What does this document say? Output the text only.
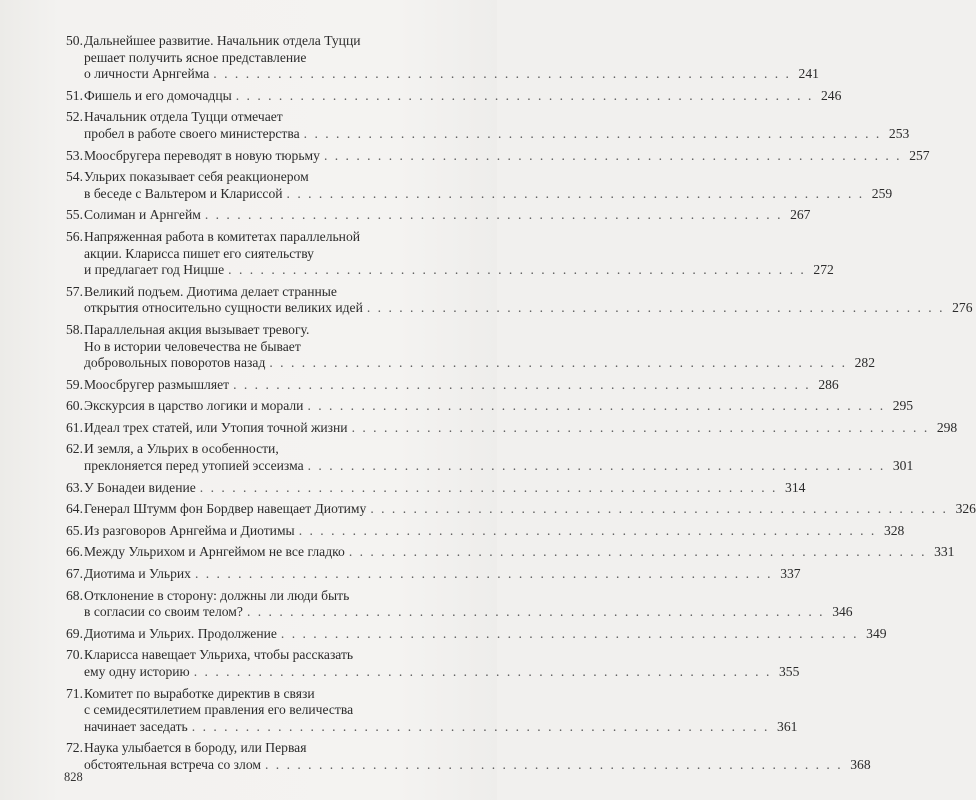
50.Дальнейшее развитие. Начальник отдела Туцци
решает получить ясное представление
о личности Арнгейма . . . . . . . . . . . . . . . . . . . . . . . . . . . . . . . . . . . . . . . . . . . . . . . . . . . . . . 241
51.Фишель и его домочадцы . . . . . . . . . . . . . . . . . . . . . . . . . . . . . . . . . . . . . . . . . . . . . . . . . . . . . . 246
52.Начальник отдела Туцци отмечает
пробел в работе своего министерства . . . . . . . . . . . . . . . . . . . . . . . . . . . . . . . . . . . . . . . . . . . . . . . . . . . . . . 253
53.Моосбругера переводят в новую тюрьму . . . . . . . . . . . . . . . . . . . . . . . . . . . . . . . . . . . . . . . . . . . . . . . . . . . . . . 257
54.Ульрих показывает себя реакционером
в беседе с Вальтером и Клариссой . . . . . . . . . . . . . . . . . . . . . . . . . . . . . . . . . . . . . . . . . . . . . . . . . . . . . . 259
55.Солиман и Арнгейм . . . . . . . . . . . . . . . . . . . . . . . . . . . . . . . . . . . . . . . . . . . . . . . . . . . . . . 267
56.Напряженная работа в комитетах параллельной
акции. Кларисса пишет его сиятельству
и предлагает год Ницше . . . . . . . . . . . . . . . . . . . . . . . . . . . . . . . . . . . . . . . . . . . . . . . . . . . . . . 272
57.Великий подъем. Диотима делает странные
открытия относительно сущности великих идей . . . . . . . . . . . . . . . . . . . . . . . . . . . . . . . . . . . . . . . . . . . . . . . . . . . . . . 276
58.Параллельная акция вызывает тревогу.
Но в истории человечества не бывает
добровольных поворотов назад . . . . . . . . . . . . . . . . . . . . . . . . . . . . . . . . . . . . . . . . . . . . . . . . . . . . . . 282
59.Моосбругер размышляет . . . . . . . . . . . . . . . . . . . . . . . . . . . . . . . . . . . . . . . . . . . . . . . . . . . . . . 286
60.Экскурсия в царство логики и морали . . . . . . . . . . . . . . . . . . . . . . . . . . . . . . . . . . . . . . . . . . . . . . . . . . . . . . 295
61.Идеал трех статей, или Утопия точной жизни . . . . . . . . . . . . . . . . . . . . . . . . . . . . . . . . . . . . . . . . . . . . . . . . . . . . . . 298
62.И земля, а Ульрих в особенности,
преклоняется перед утопией эссеизма . . . . . . . . . . . . . . . . . . . . . . . . . . . . . . . . . . . . . . . . . . . . . . . . . . . . . . 301
63.У Бонадеи видение . . . . . . . . . . . . . . . . . . . . . . . . . . . . . . . . . . . . . . . . . . . . . . . . . . . . . . 314
64.Генерал Штумм фон Бордвер навещает Диотиму . . . . . . . . . . . . . . . . . . . . . . . . . . . . . . . . . . . . . . . . . . . . . . . . . . . . . . 326
65.Из разговоров Арнгейма и Диотимы . . . . . . . . . . . . . . . . . . . . . . . . . . . . . . . . . . . . . . . . . . . . . . . . . . . . . . 328
66.Между Ульрихом и Арнгеймом не все гладко . . . . . . . . . . . . . . . . . . . . . . . . . . . . . . . . . . . . . . . . . . . . . . . . . . . . . . 331
67.Диотима и Ульрих . . . . . . . . . . . . . . . . . . . . . . . . . . . . . . . . . . . . . . . . . . . . . . . . . . . . . . 337
68.Отклонение в сторону: должны ли люди быть
в согласии со своим телом? . . . . . . . . . . . . . . . . . . . . . . . . . . . . . . . . . . . . . . . . . . . . . . . . . . . . . . 346
69.Диотима и Ульрих. Продолжение . . . . . . . . . . . . . . . . . . . . . . . . . . . . . . . . . . . . . . . . . . . . . . . . . . . . . . 349
70.Кларисса навещает Ульриха, чтобы рассказать
ему одну историю . . . . . . . . . . . . . . . . . . . . . . . . . . . . . . . . . . . . . . . . . . . . . . . . . . . . . . 355
71.Комитет по выработке директив в связи
с семидесятилетием правления его величества
начинает заседать . . . . . . . . . . . . . . . . . . . . . . . . . . . . . . . . . . . . . . . . . . . . . . . . . . . . . . 361
72.Наука улыбается в бороду, или Первая
обстоятельная встреча со злом . . . . . . . . . . . . . . . . . . . . . . . . . . . . . . . . . . . . . . . . . . . . . . . . . . . . . . 368
828
